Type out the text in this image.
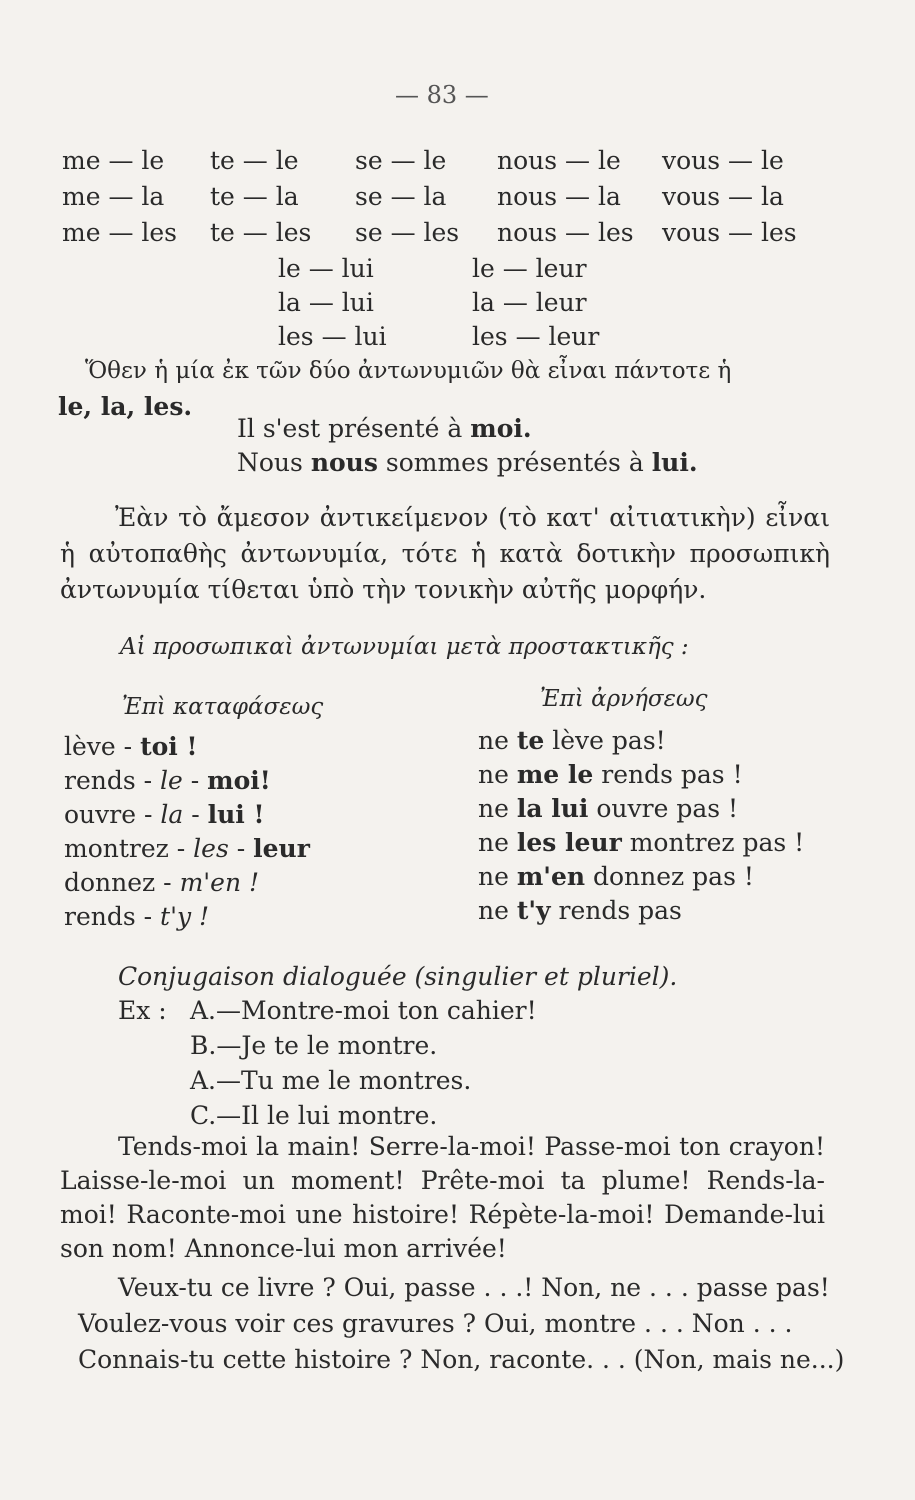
— 83 —
me — le te — le se — le nous — le vous — le
me — la te — la se — la nous — la vous — la
me — les te — les se — les nous — les vous — les
le — lui
la — lui
les — lui
le — leur
la — leur
les — leur
Ὅθεν ἡ μία ἐκ τῶν δύο ἀντωνυμιῶν θὰ εἶναι πάντοτε ἡ
le, la, les.
Il s'est présenté à moi.
Nous nous sommes présentés à lui.
Ἐὰν τὸ ἄμεσον ἀντικείμενον (τὸ κατ' αἰτιατικὴν) εἶναι ἡ αὐτοπαθὴς ἀντωνυμία, τότε ἡ κατὰ δοτικὴν προσωπικὴ ἀντωνυμία τίθεται ὑπὸ τὴν τονικὴν αὐτῆς μορφήν.
Αἱ προσωπικαὶ ἀντωνυμίαι μετὰ προστακτικῆς :
Ἐπὶ καταφάσεως
lève - toi !
rends - le - moi!
ouvre - la - lui !
montrez - les - leur
donnez - m'en !
rends - t'y !
Ἐπὶ ἀρνήσεως
ne te lève pas!
ne me le rends pas !
ne la lui ouvre pas !
ne les leur montrez pas !
ne m'en donnez pas !
ne t'y rends pas
Conjugaison dialoguée (singulier et pluriel).
Ex : A.—Montre-moi ton cahier!
B.—Je te le montre.
A.—Tu me le montres.
C.—Il le lui montre.
Tends-moi la main! Serre-la-moi! Passe-moi ton crayon! Laisse-le-moi un moment! Prête-moi ta plume! Rends-la-moi! Raconte-moi une histoire! Répète-la-moi! Demande-lui son nom! Annonce-lui mon arrivée!
Veux-tu ce livre ? Oui, passe . . .! Non, ne . . . passe pas!
Voulez-vous voir ces gravures ? Oui, montre . . . Non . . .
Connais-tu cette histoire ? Non, raconte. . . (Non, mais ne...)
